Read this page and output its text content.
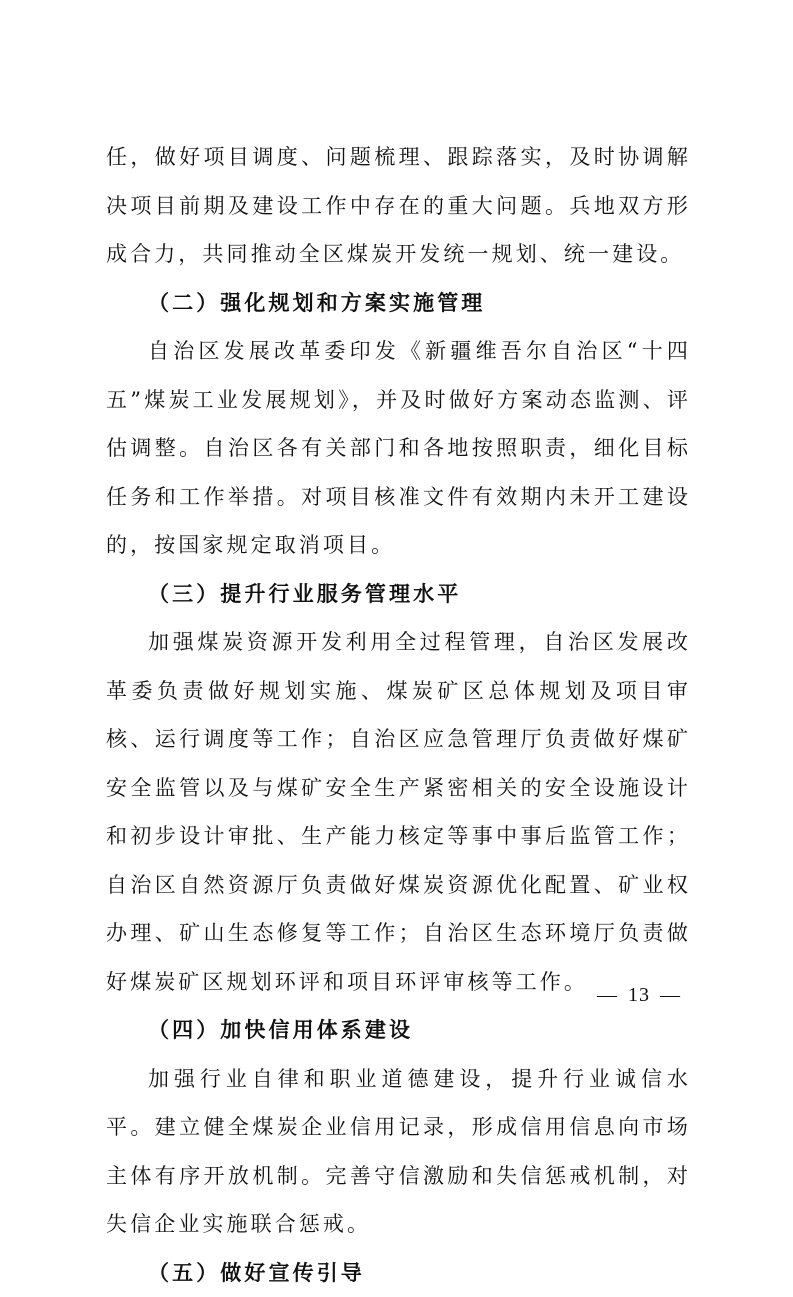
任，做好项目调度、问题梳理、跟踪落实，及时协调解决项目前期及建设工作中存在的重大问题。兵地双方形成合力，共同推动全区煤炭开发统一规划、统一建设。

（二）强化规划和方案实施管理

自治区发展改革委印发《新疆维吾尔自治区“十四五”煤炭工业发展规划》，并及时做好方案动态监测、评估调整。自治区各有关部门和各地按照职责，细化目标任务和工作举措。对项目核准文件有效期内未开工建设的，按国家规定取消项目。

（三）提升行业服务管理水平

加强煤炭资源开发利用全过程管理，自治区发展改革委负责做好规划实施、煤炭矿区总体规划及项目审核、运行调度等工作；自治区应急管理厅负责做好煤矿安全监管以及与煤矿安全生产紧密相关的安全设施设计和初步设计审批、生产能力核定等事中事后监管工作；自治区自然资源厅负责做好煤炭资源优化配置、矿业权办理、矿山生态修复等工作；自治区生态环境厅负责做好煤炭矿区规划环评和项目环评审核等工作。

（四）加快信用体系建设

加强行业自律和职业道德建设，提升行业诚信水平。建立健全煤炭企业信用记录，形成信用信息向市场主体有序开放机制。完善守信激励和失信惩戒机制，对失信企业实施联合惩戒。

（五）做好宣传引导

— 13 —
